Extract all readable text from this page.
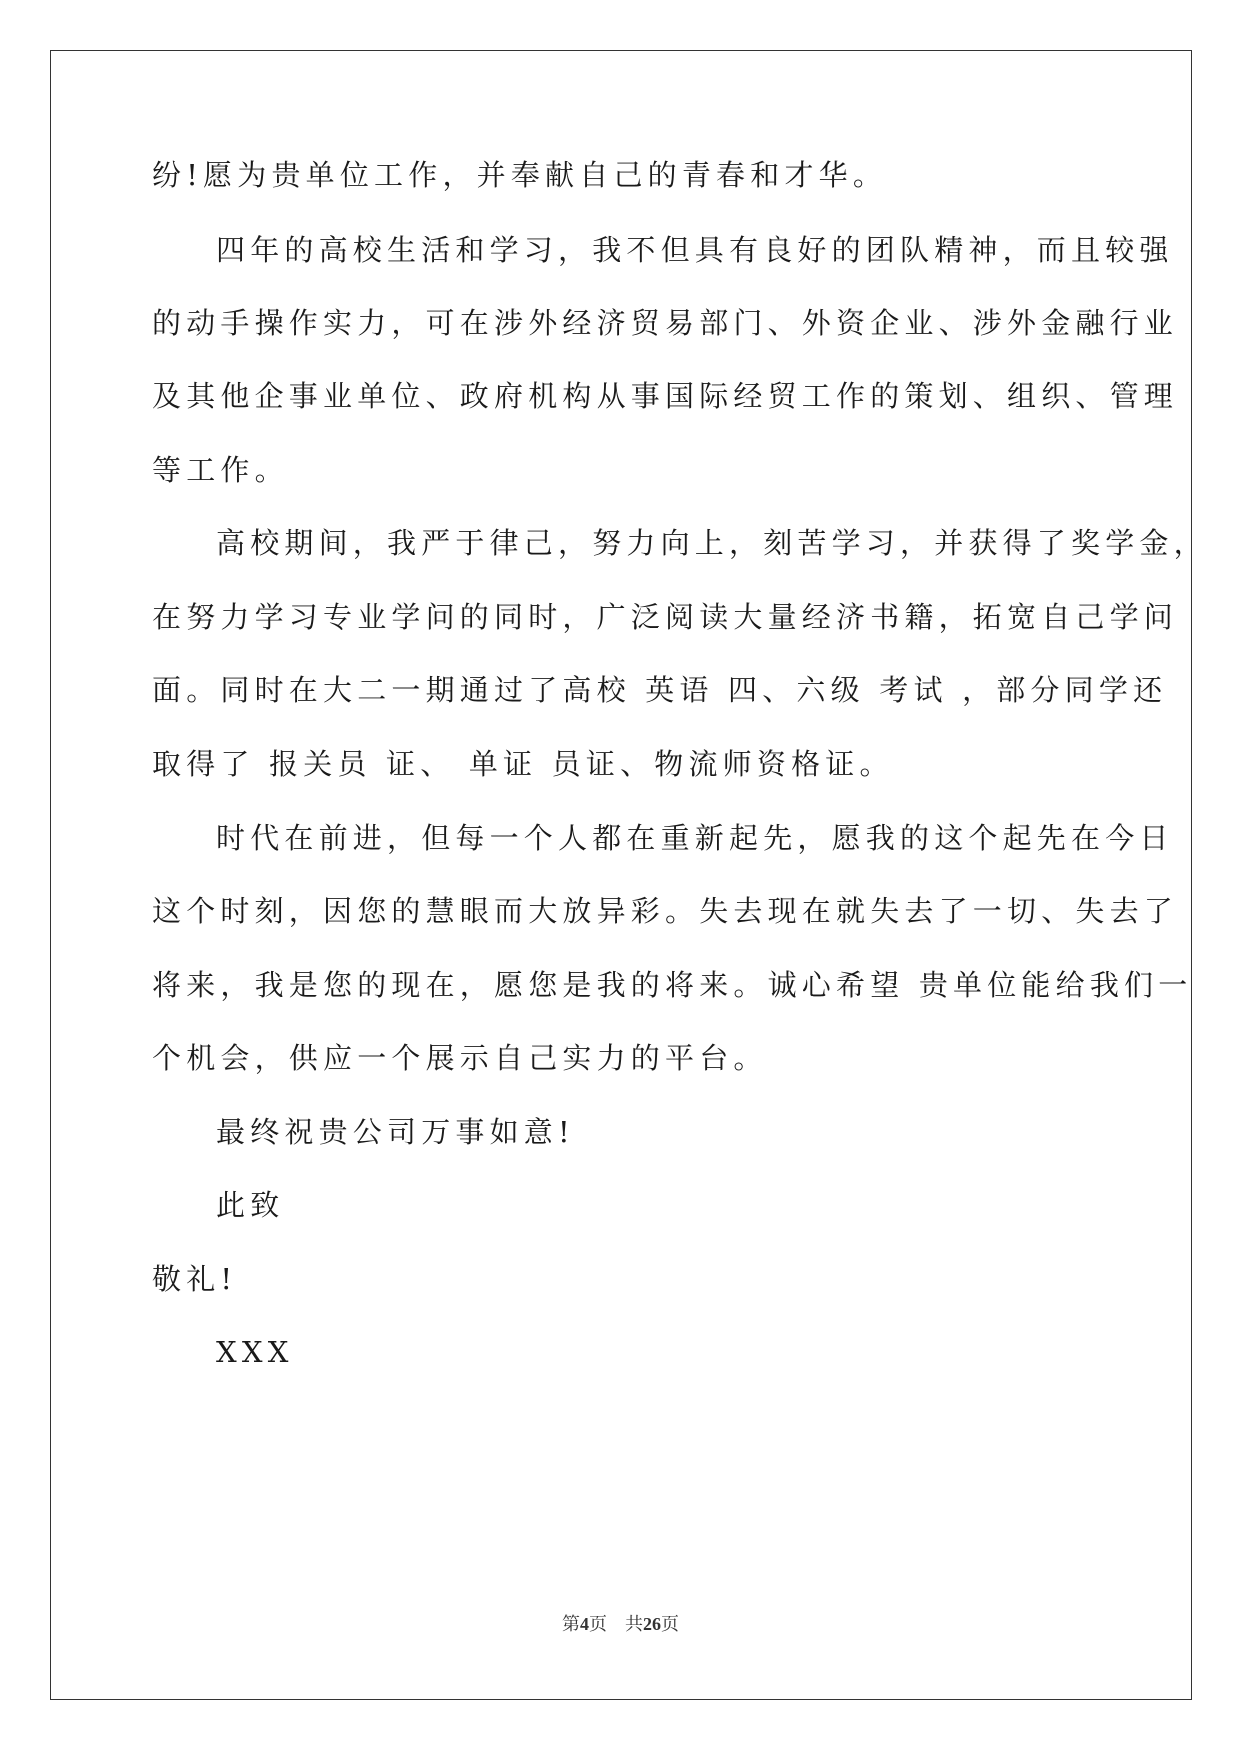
纷!愿为贵单位工作，并奉献自己的青春和才华。

四年的高校生活和学习，我不但具有良好的团队精神，而且较强

的动手操作实力，可在涉外经济贸易部门、外资企业、涉外金融行业

及其他企事业单位、政府机构从事国际经贸工作的策划、组织、管理

等工作。

高校期间，我严于律己，努力向上，刻苦学习，并获得了奖学金，

在努力学习专业学问的同时，广泛阅读大量经济书籍，拓宽自己学问

面。同时在大二一期通过了高校 英语 四、六级 考试 ，部分同学还

取得了 报关员 证、 单证 员证、物流师资格证。

时代在前进，但每一个人都在重新起先，愿我的这个起先在今日

这个时刻，因您的慧眼而大放异彩。失去现在就失去了一切、失去了

将来，我是您的现在，愿您是我的将来。诚心希望 贵单位能给我们一

个机会，供应一个展示自己实力的平台。

最终祝贵公司万事如意!

此致

敬礼!

XXX

第4页 共26页
